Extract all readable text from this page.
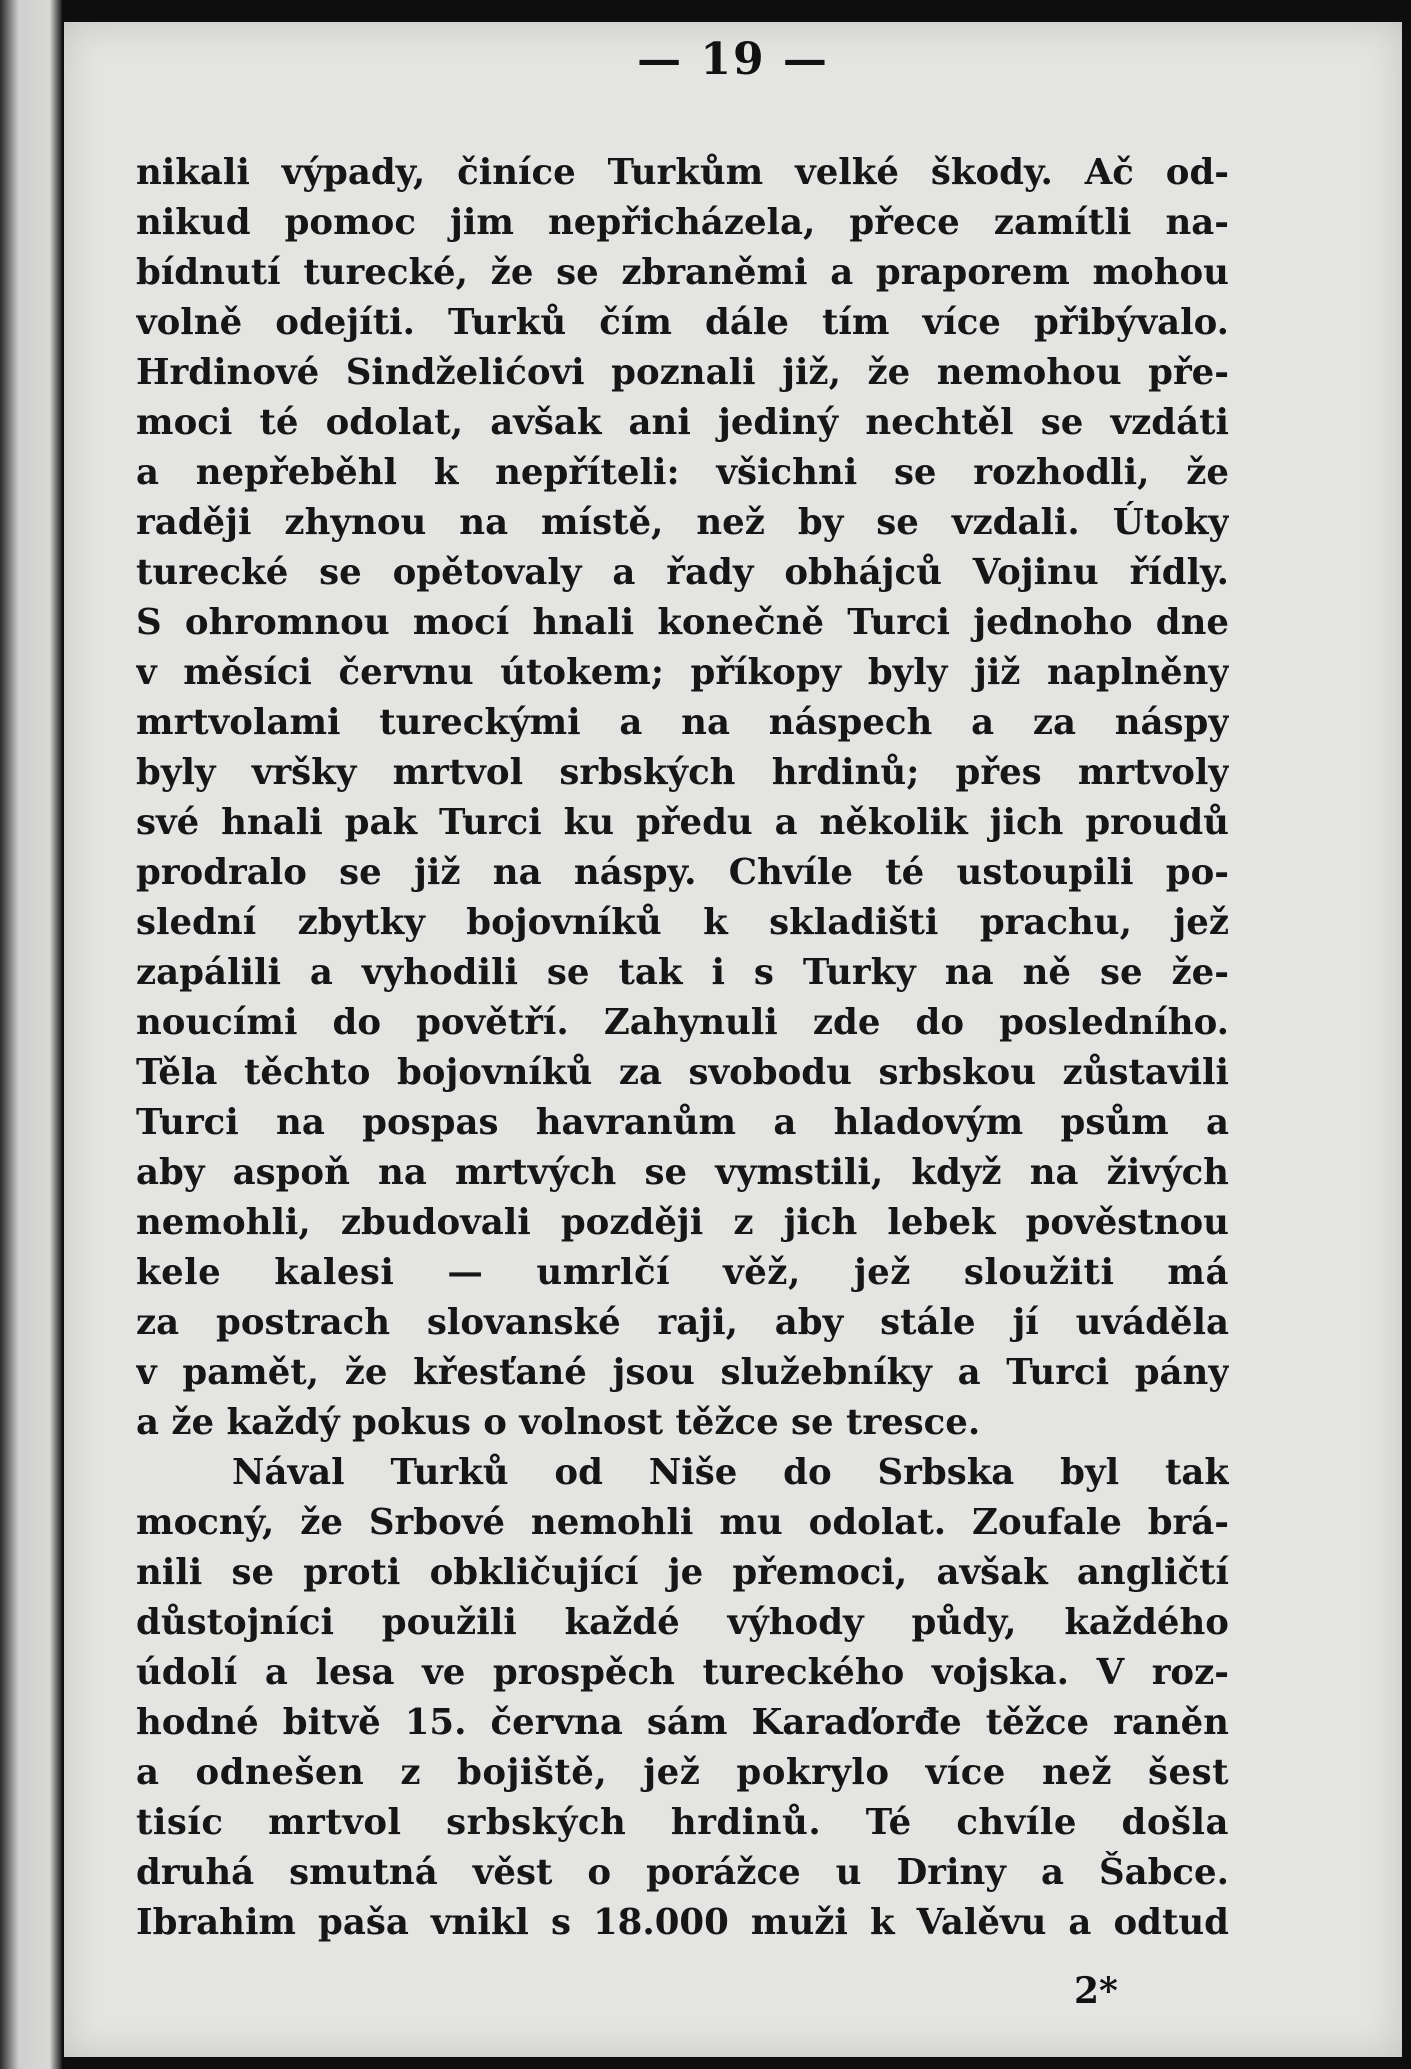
— 19 —
nikali výpady, činíce Turkům velké škody. Ač od-
nikud pomoc jim nepřicházela, přece zamítli na-
bídnutí turecké, že se zbraněmi a praporem mohou
volně odejíti. Turků čím dále tím více přibývalo.
Hrdinové Sindželićovi poznali již, že nemohou pře-
moci té odolat, avšak ani jediný nechtěl se vzdáti
a nepřeběhl k nepříteli: všichni se rozhodli, že
raději zhynou na místě, než by se vzdali. Útoky
turecké se opětovaly a řady obhájců Vojinu řídly.
S ohromnou mocí hnali konečně Turci jednoho dne
v měsíci červnu útokem; příkopy byly již naplněny
mrtvolami tureckými a na náspech a za náspy
byly vršky mrtvol srbských hrdinů; přes mrtvoly
své hnali pak Turci ku předu a několik jich proudů
prodralo se již na náspy. Chvíle té ustoupili po-
slední zbytky bojovníků k skladišti prachu, jež
zapálili a vyhodili se tak i s Turky na ně se že-
noucími do povětří. Zahynuli zde do posledního.
Těla těchto bojovníků za svobodu srbskou zůstavili
Turci na pospas havranům a hladovým psům a
aby aspoň na mrtvých se vymstili, když na živých
nemohli, zbudovali později z jich lebek pověstnou
kele kalesi — umrlčí věž, jež sloužiti má
za postrach slovanské raji, aby stále jí uváděla
v pamět, že křesťané jsou služebníky a Turci pány
a že každý pokus o volnost těžce se tresce.
Nával Turků od Niše do Srbska byl tak
mocný, že Srbové nemohli mu odolat. Zoufale brá-
nili se proti obkličující je přemoci, avšak angličtí
důstojníci použili každé výhody půdy, každého
údolí a lesa ve prospěch tureckého vojska. V roz-
hodné bitvě 15. června sám Karaďorđe těžce raněn
a odnešen z bojiště, jež pokrylo více než šest
tisíc mrtvol srbských hrdinů. Té chvíle došla
druhá smutná věst o porážce u Driny a Šabce.
Ibrahim paša vnikl s 18.000 muži k Valěvu a odtud
2*
